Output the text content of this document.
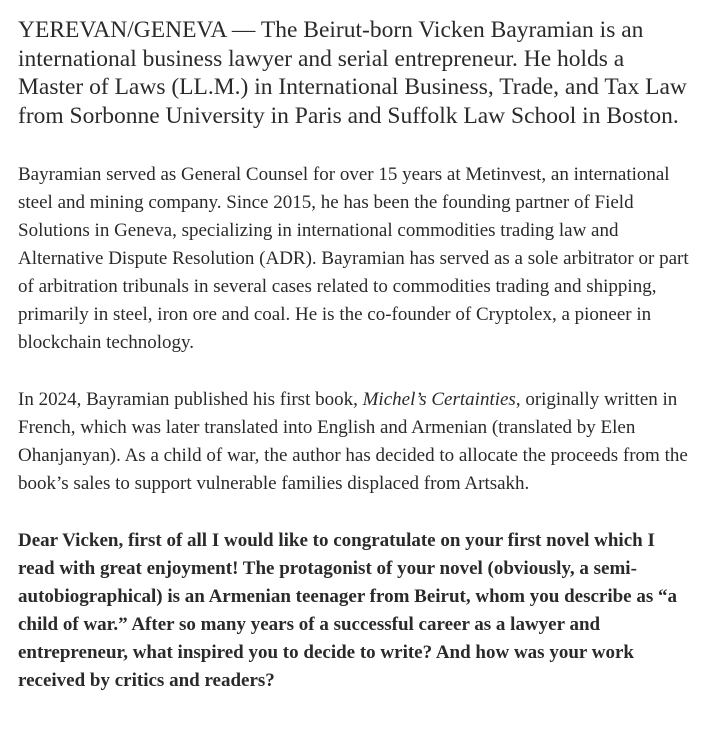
YEREVAN/GENEVA — The Beirut-born Vicken Bayramian is an international business lawyer and serial entrepreneur. He holds a Master of Laws (LL.M.) in International Business, Trade, and Tax Law from Sorbonne University in Paris and Suffolk Law School in Boston.

Bayramian served as General Counsel for over 15 years at Metinvest, an international steel and mining company. Since 2015, he has been the founding partner of Field Solutions in Geneva, specializing in international commodities trading law and Alternative Dispute Resolution (ADR). Bayramian has served as a sole arbitrator or part of arbitration tribunals in several cases related to commodities trading and shipping, primarily in steel, iron ore and coal. He is the co-founder of Cryptolex, a pioneer in blockchain technology.

In 2024, Bayramian published his first book, Michel’s Certainties, originally written in French, which was later translated into English and Armenian (translated by Elen Ohanjanyan). As a child of war, the author has decided to allocate the proceeds from the book’s sales to support vulnerable families displaced from Artsakh.

Dear Vicken, first of all I would like to congratulate on your first novel which I read with great enjoyment! The protagonist of your novel (obviously, a semi-autobiographical) is an Armenian teenager from Beirut, whom you describe as “a child of war.” After so many years of a successful career as a lawyer and entrepreneur, what inspired you to decide to write? And how was your work received by critics and readers?
